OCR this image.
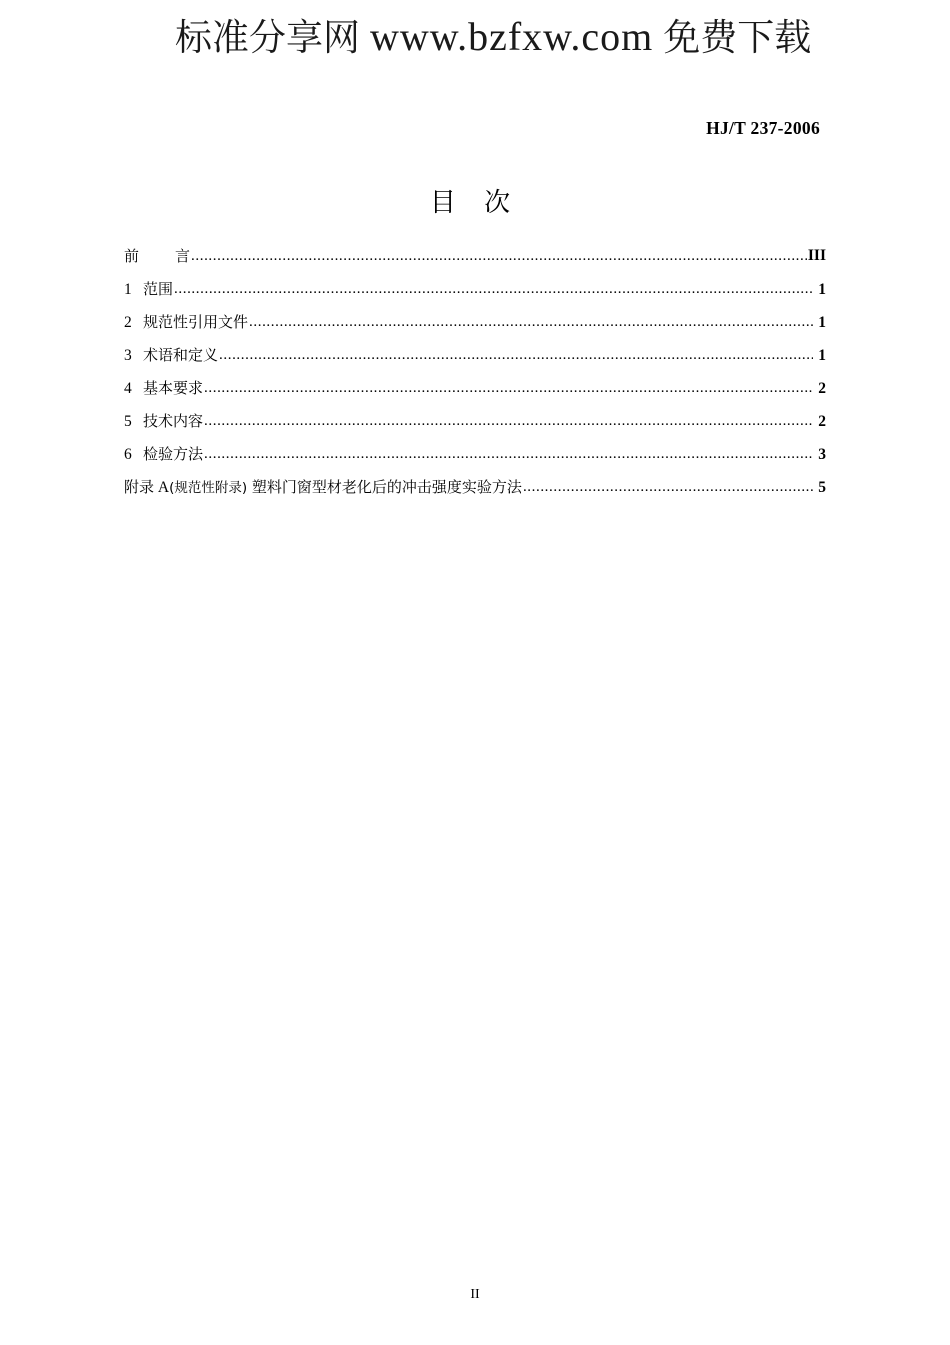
标准分享网 www.bzfxw.com 免费下载
HJ/T 237-2006
目 次
前 言 .....	III
1 范围 .....	1
2 规范性引用文件 .....	1
3 术语和定义 .....	1
4 基本要求 .....	2
5 技术内容 .....	2
6 检验方法 .....	3
附录 A(规范性附录) 塑料门窗型材老化后的冲击强度实验方法 .....	5
II
